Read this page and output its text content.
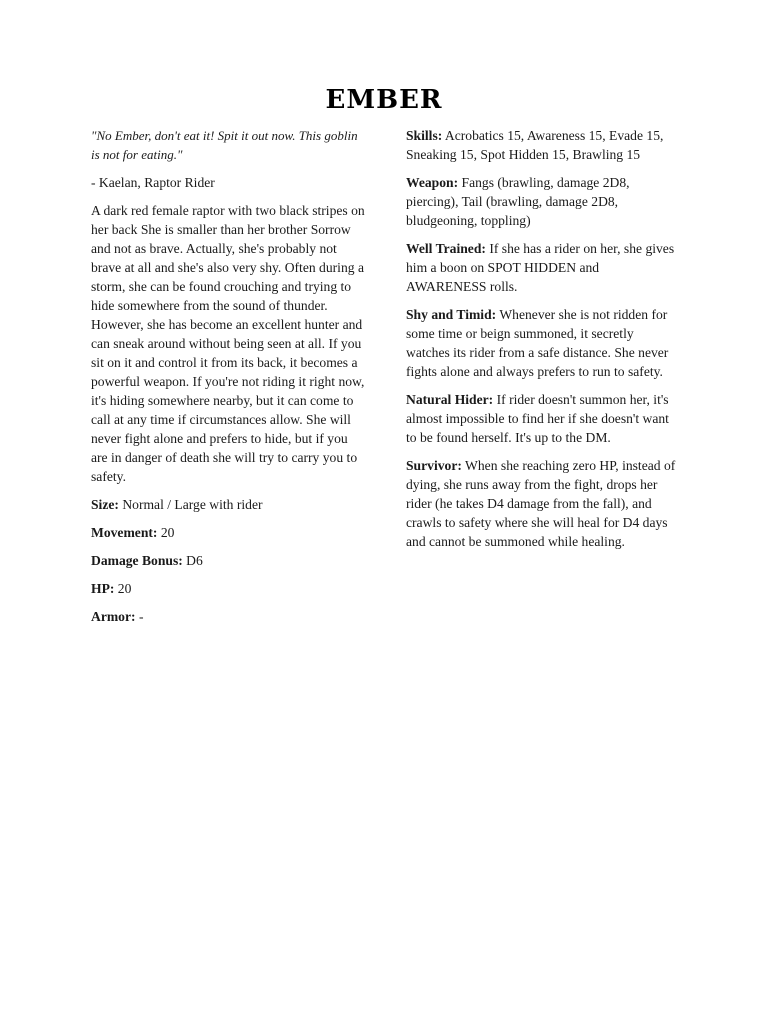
EMBER

"No Ember, don't eat it! Spit it out now. This goblin is not for eating."

- Kaelan, Raptor Rider

A dark red female raptor with two black stripes on her back She is smaller than her brother Sorrow and not as brave. Actually, she's probably not brave at all and she's also very shy. Often during a storm, she can be found crouching and trying to hide somewhere from the sound of thunder. However, she has become an excellent hunter and can sneak around without being seen at all. If you sit on it and control it from its back, it becomes a powerful weapon. If you're not riding it right now, it's hiding somewhere nearby, but it can come to call at any time if circumstances allow. She will never fight alone and prefers to hide, but if you are in danger of death she will try to carry you to safety.

Size: Normal / Large with rider

Movement: 20

Damage Bonus: D6

HP: 20

Armor: -

Skills: Acrobatics 15, Awareness 15, Evade 15, Sneaking 15, Spot Hidden 15, Brawling 15

Weapon: Fangs (brawling, damage 2D8, piercing), Tail (brawling, damage 2D8, bludgeoning, toppling)

Well Trained: If she has a rider on her, she gives him a boon on SPOT HIDDEN and AWARENESS rolls.

Shy and Timid: Whenever she is not ridden for some time or beign summoned, it secretly watches its rider from a safe distance. She never fights alone and always prefers to run to safety.

Natural Hider: If rider doesn't summon her, it's almost impossible to find her if she doesn't want to be found herself. It's up to the DM.

Survivor: When she reaching zero HP, instead of dying, she runs away from the fight, drops her rider (he takes D4 damage from the fall), and crawls to safety where she will heal for D4 days and cannot be summoned while healing.
